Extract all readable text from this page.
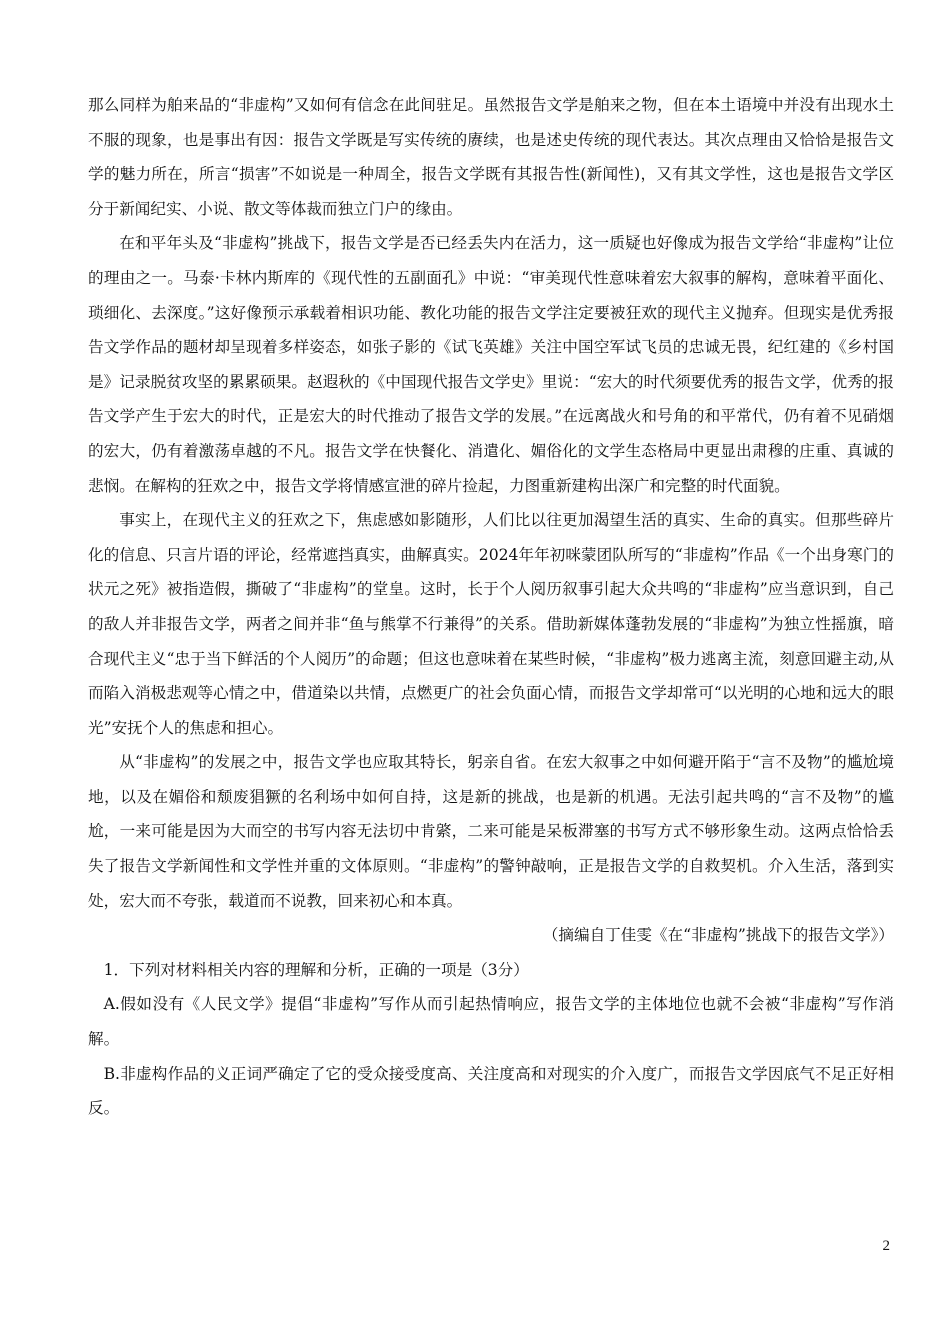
那么同样为舶来品的“非虚构”又如何有信念在此间驻足。虽然报告文学是舶来之物，但在本土语境中并没有出现水土不服的现象，也是事出有因：报告文学既是写实传统的赓续，也是述史传统的现代表达。其次点理由又恰恰是报告文学的魅力所在，所言“损害”不如说是一种周全，报告文学既有其报告性(新闻性)，又有其文学性，这也是报告文学区分于新闻纪实、小说、散文等体裁而独立门户的缘由。

在和平年头及“非虚构”挑战下，报告文学是否已经丢失内在活力，这一质疑也好像成为报告文学给“非虚构”让位的理由之一。马泰·卡林内斯库的《现代性的五副面孔》中说：“审美现代性意味着宏大叙事的解构，意味着平面化、琐细化、去深度。”这好像预示承载着相识功能、教化功能的报告文学注定要被狂欢的现代主义抛弃。但现实是优秀报告文学作品的题材却呈现着多样姿态，如张子影的《试飞英雄》关注中国空军试飞员的忠诚无畏，纪红建的《乡村国是》记录脱贫攻坚的累累硕果。赵遐秋的《中国现代报告文学史》里说：“宏大的时代须要优秀的报告文学，优秀的报告文学产生于宏大的时代，正是宏大的时代推动了报告文学的发展。”在远离战火和号角的和平常代，仍有着不见硝烟的宏大，仍有着激荡卓越的不凡。报告文学在快餐化、消遣化、媚俗化的文学生态格局中更显出肃穆的庄重、真诚的悲悯。在解构的狂欢之中，报告文学将情感宣泄的碎片捡起，力图重新建构出深广和完整的时代面貌。

事实上，在现代主义的狂欢之下，焦虑感如影随形，人们比以往更加渴望生活的真实、生命的真实。但那些碎片化的信息、只言片语的评论，经常遮挡真实，曲解真实。2024年年初咪蒙团队所写的“非虚构”作品《一个出身寒门的状元之死》被指造假，撕破了“非虚构”的堂皇。这时，长于个人阅历叙事引起大众共鸣的“非虚构”应当意识到，自己的敌人并非报告文学，两者之间并非“鱼与熊掌不行兼得”的关系。借助新媒体蓬勃发展的“非虚构”为独立性摇旗，暗合现代主义“忠于当下鲜活的个人阅历”的命题；但这也意味着在某些时候，“非虚构”极力逃离主流，刻意回避主动,从而陷入消极悲观等心情之中，借道染以共情，点燃更广的社会负面心情，而报告文学却常可“以光明的心地和远大的眼光”安抚个人的焦虑和担心。

从“非虚构”的发展之中，报告文学也应取其特长，躬亲自省。在宏大叙事之中如何避开陷于“言不及物”的尴尬境地，以及在媚俗和颓废猖獗的名利场中如何自持，这是新的挑战，也是新的机遇。无法引起共鸣的“言不及物”的尴尬，一来可能是因为大而空的书写内容无法切中肯綮，二来可能是呆板滞塞的书写方式不够形象生动。这两点恰恰丢失了报告文学新闻性和文学性并重的文体原则。“非虚构”的警钟敲响，正是报告文学的自救契机。介入生活，落到实处，宏大而不夸张，载道而不说教，回来初心和本真。

（摘编自丁佳雯《在“非虚构”挑战下的报告文学》）

1．下列对材料相关内容的理解和分析，正确的一项是（3分）

A.假如没有《人民文学》提倡“非虚构”写作从而引起热情响应，报告文学的主体地位也就不会被“非虚构”写作消解。

B.非虚构作品的义正词严确定了它的受众接受度高、关注度高和对现实的介入度广，而报告文学因底气不足正好相反。

2
